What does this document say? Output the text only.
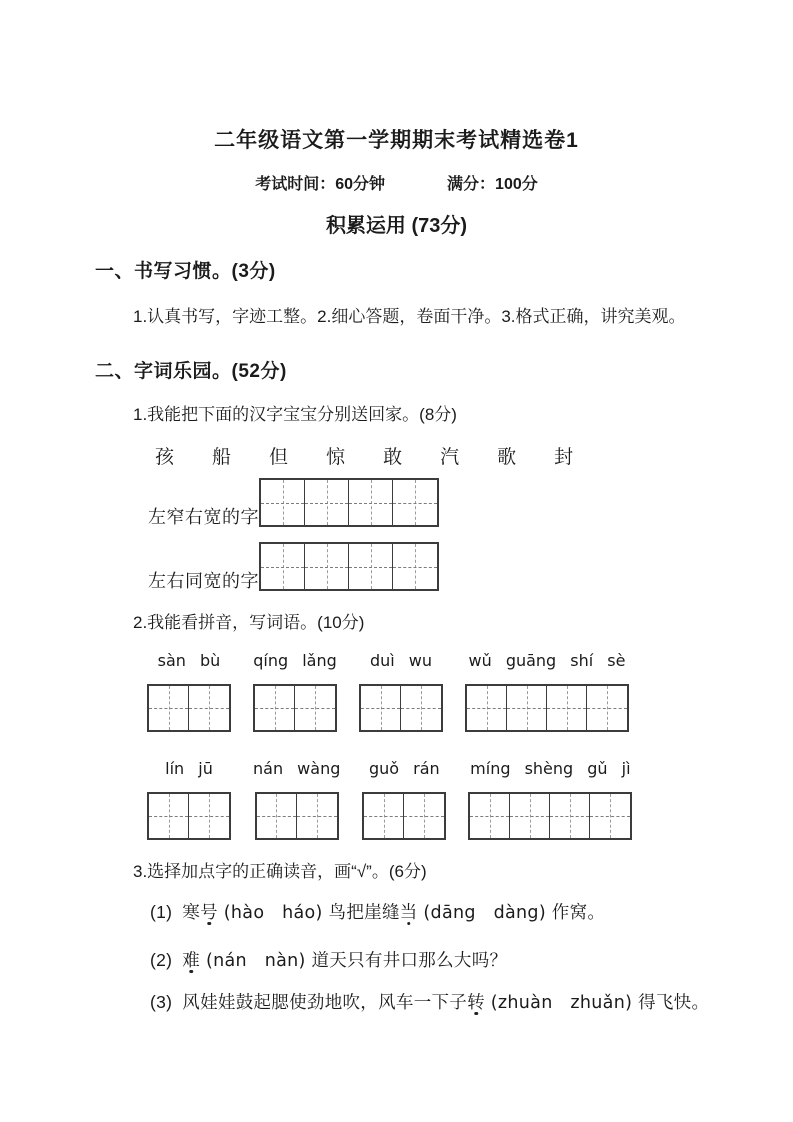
二年级语文第一学期期末考试精选卷1
考试时间：60分钟	满分：100分
积累运用 (73分)
一、书写习惯。(3分)
1.认真书写，字迹工整。2.细心答题，卷面干净。3.格式正确，讲究美观。
二、字词乐园。(52分)
1.我能把下面的汉字宝宝分别送回家。(8分)
孩 船 但 惊 敢 汽 歌 封
左窄右宽的字
左右同宽的字
2.我能看拼音，写词语。(10分)
sàn bù qíng lǎng duì wu wǔ guāng shí sè
lín jū	nán wàng guǒ rán míng shèng gǔ jì
3.选择加点字的正确读音，画“√”。(6分)
(1) 寒号 (hào　háo) 鸟把崖缝当 (dāng　dàng) 作窝。
(2) 难 (nán　nàn) 道天只有井口那么大吗？
(3) 风娃娃鼓起腮使劲地吹，风车一下子转 (zhuàn　zhuǎn) 得飞快。
